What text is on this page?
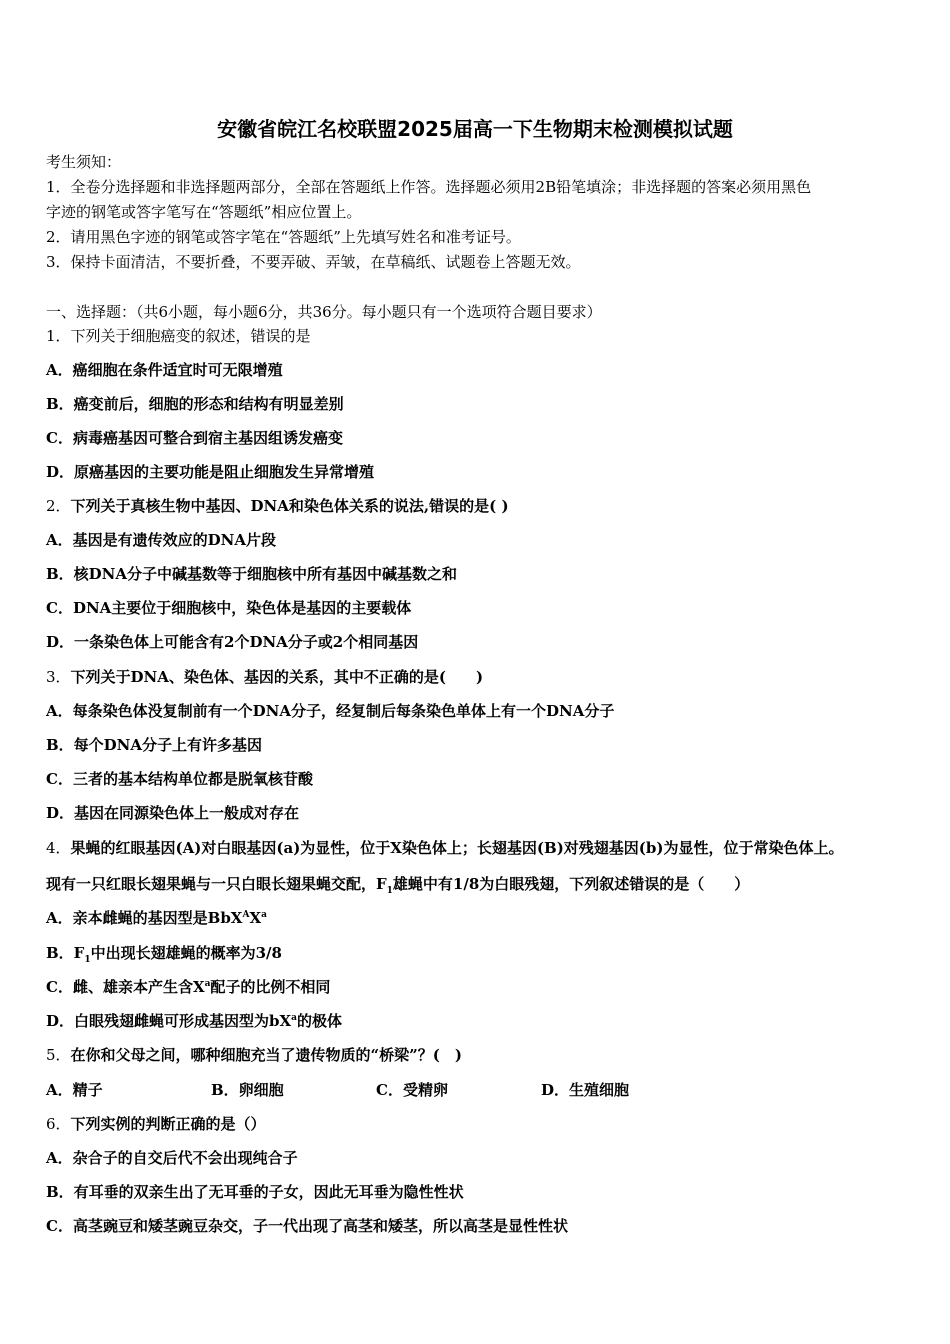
安徽省皖江名校联盟2025届高一下生物期末检测模拟试题
考生须知：
1．全卷分选择题和非选择题两部分，全部在答题纸上作答。选择题必须用2B铅笔填涂；非选择题的答案必须用黑色
字迹的钢笔或答字笔写在“答题纸”相应位置上。
2．请用黑色字迹的钢笔或答字笔在“答题纸”上先填写姓名和准考证号。
3．保持卡面清洁，不要折叠，不要弄破、弄皱，在草稿纸、试题卷上答题无效。
一、选择题：（共6小题，每小题6分，共36分。每小题只有一个选项符合题目要求）
1．下列关于细胞癌变的叙述，错误的是
A．癌细胞在条件适宜时可无限增殖
B．癌变前后，细胞的形态和结构有明显差别
C．病毒癌基因可整合到宿主基因组诱发癌变
D．原癌基因的主要功能是阻止细胞发生异常增殖
2．下列关于真核生物中基因、DNA和染色体关系的说法,错误的是( )
A．基因是有遗传效应的DNA片段
B．核DNA分子中碱基数等于细胞核中所有基因中碱基数之和
C．DNA主要位于细胞核中，染色体是基因的主要载体
D．一条染色体上可能含有2个DNA分子或2个相同基因
3．下列关于DNA、染色体、基因的关系，其中不正确的是(　　)
A．每条染色体没复制前有一个DNA分子，经复制后每条染色单体上有一个DNA分子
B．每个DNA分子上有许多基因
C．三者的基本结构单位都是脱氧核苷酸
D．基因在同源染色体上一般成对存在
4．果蝇的红眼基因(A)对白眼基因(a)为显性，位于X染色体上；长翅基因(B)对残翅基因(b)为显性，位于常染色体上。
现有一只红眼长翅果蝇与一只白眼长翅果蝇交配，$F_1$雄蝇中有1/8为白眼残翅，下列叙述错误的是（　　）
A．亲本雌蝇的基因型是$BbX^AX^a$
B．$F_1$中出现长翅雄蝇的概率为3/8
C．雌、雄亲本产生含$X^a$配子的比例不相同
D．白眼残翅雌蝇可形成基因型为$bX^a$的极体
5．在你和父母之间，哪种细胞充当了遗传物质的“桥梁”？(　)
A．精子	B．卵细胞	C．受精卵	D．生殖细胞
6．下列实例的判断正确的是（）
A．杂合子的自交后代不会出现纯合子
B．有耳垂的双亲生出了无耳垂的子女，因此无耳垂为隐性性状
C．高茎豌豆和矮茎豌豆杂交，子一代出现了高茎和矮茎，所以高茎是显性性状
